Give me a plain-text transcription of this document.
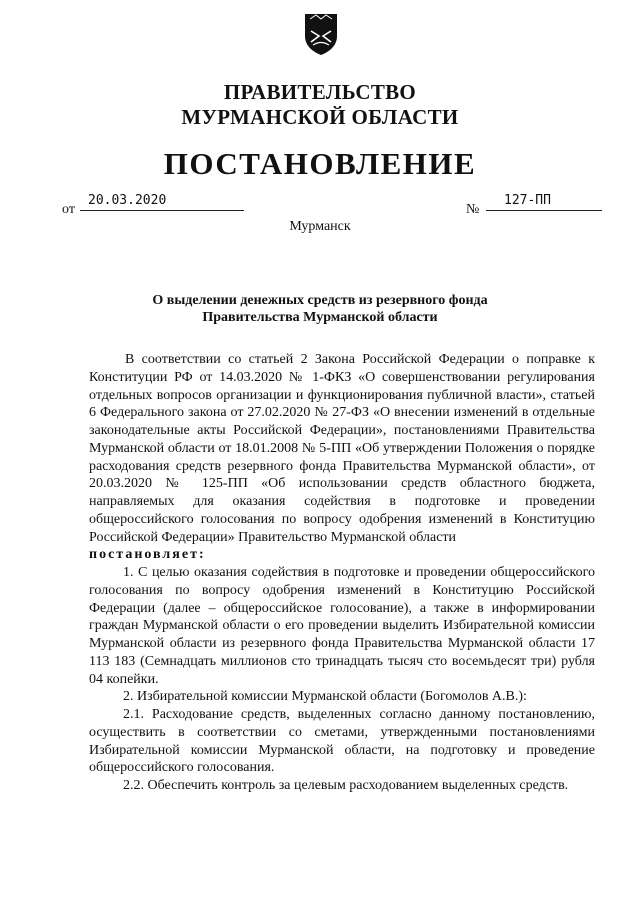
ПРАВИТЕЛЬСТВО
МУРМАНСКОЙ ОБЛАСТИ
ПОСТАНОВЛЕНИЕ
от
20.03.2020
№
127-ПП
Мурманск
О выделении денежных средств из резервного фонда
Правительства Мурманской области

В соответствии со статьей 2 Закона Российской Федерации о поправке к Конституции РФ от 14.03.2020 № 1-ФКЗ «О совершенствовании регулирования отдельных вопросов организации и функционирования публичной власти», статьей 6 Федерального закона от 27.02.2020 № 27-ФЗ «О внесении изменений в отдельные законодательные акты Российской Федерации», постановлениями Правительства Мурманской области от 18.01.2008 № 5-ПП «Об утверждении Положения о порядке расходования средств резервного фонда Правительства Мурманской области», от 20.03.2020 № 125-ПП «Об использовании средств областного бюджета, направляемых для оказания содействия в подготовке и проведении общероссийского голосования по вопросу одобрения изменений в Конституцию Российской Федерации» Правительство Мурманской области

постановляет:

1. С целью оказания содействия в подготовке и проведении общероссийского голосования по вопросу одобрения изменений в Конституцию Российской Федерации (далее – общероссийское голосование), а также в информировании граждан Мурманской области о его проведении выделить Избирательной комиссии Мурманской области из резервного фонда Правительства Мурманской области 17 113 183 (Семнадцать миллионов сто тринадцать тысяч сто восемьдесят три) рубля 04 копейки.

2. Избирательной комиссии Мурманской области (Богомолов А.В.):

2.1. Расходование средств, выделенных согласно данному постановлению, осуществить в соответствии со сметами, утвержденными постановлениями Избирательной комиссии Мурманской области, на подготовку и проведение общероссийского голосования.

2.2. Обеспечить контроль за целевым расходованием выделенных средств.
